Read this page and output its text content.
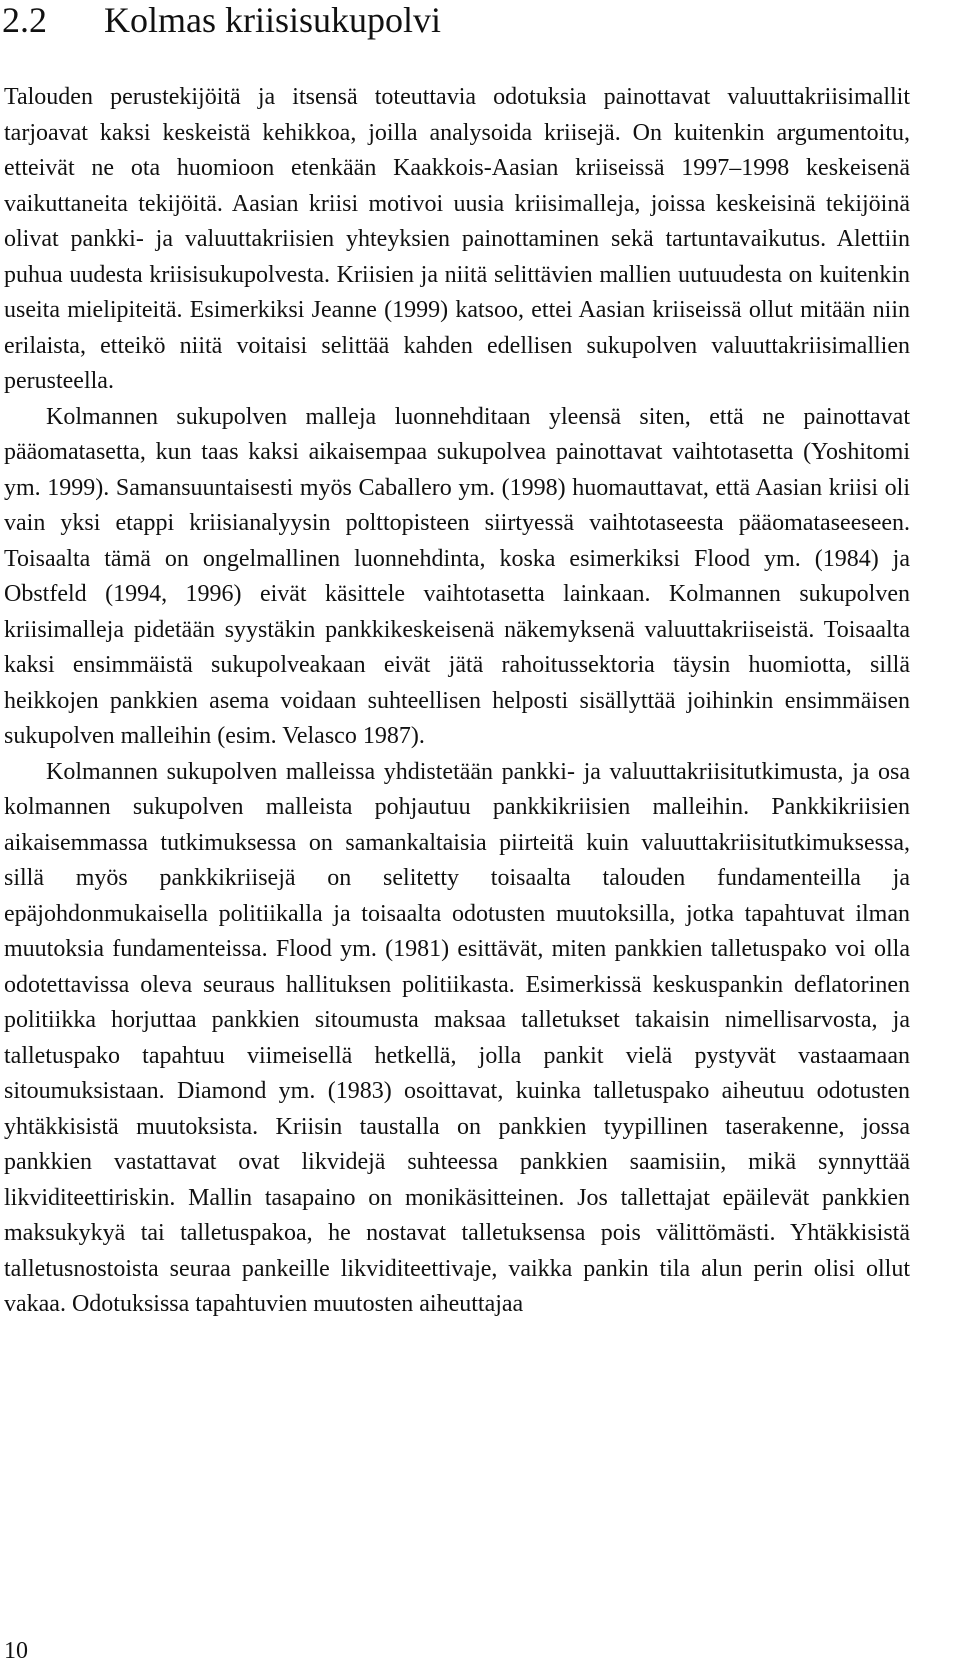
2.2 Kolmas kriisisukupolvi

Talouden perustekijöitä ja itsensä toteuttavia odotuksia painottavat valuuttakriisimallit tarjoavat kaksi keskeistä kehikkoa, joilla analysoida kriisejä. On kuitenkin argumentoitu, etteivät ne ota huomioon etenkään Kaakkois-Aasian kriiseissä 1997–1998 keskeisenä vaikuttaneita tekijöitä. Aasian kriisi motivoi uusia kriisimalleja, joissa keskeisinä tekijöinä olivat pankki- ja valuuttakriisien yhteyksien painottaminen sekä tartuntavaikutus. Alettiin puhua uudesta kriisisukupolvesta. Kriisien ja niitä selittävien mallien uutuudesta on kuitenkin useita mielipiteitä. Esimerkiksi Jeanne (1999) katsoo, ettei Aasian kriiseissä ollut mitään niin erilaista, etteikö niitä voitaisi selittää kahden edellisen sukupolven valuuttakriisimallien perusteella.

Kolmannen sukupolven malleja luonnehditaan yleensä siten, että ne painottavat pääomatasetta, kun taas kaksi aikaisempaa sukupolvea painottavat vaihtotasetta (Yoshitomi ym. 1999). Samansuuntaisesti myös Caballero ym. (1998) huomauttavat, että Aasian kriisi oli vain yksi etappi kriisianalyysin polttopisteen siirtyessä vaihtotaseesta pääomataseeseen. Toisaalta tämä on ongelmallinen luonnehdinta, koska esimerkiksi Flood ym. (1984) ja Obstfeld (1994, 1996) eivät käsittele vaihtotasetta lainkaan. Kolmannen sukupolven kriisimalleja pidetään syystäkin pankkikeskeisenä näkemyksenä valuuttakriiseistä. Toisaalta kaksi ensimmäistä sukupolveakaan eivät jätä rahoitussektoria täysin huomiotta, sillä heikkojen pankkien asema voidaan suhteellisen helposti sisällyttää joihinkin ensimmäisen sukupolven malleihin (esim. Velasco 1987).

Kolmannen sukupolven malleissa yhdistetään pankki- ja valuuttakriisitutkimusta, ja osa kolmannen sukupolven malleista pohjautuu pankkikriisien malleihin. Pankkikriisien aikaisemmassa tutkimuksessa on samankaltaisia piirteitä kuin valuuttakriisitutkimuksessa, sillä myös pankkikriisejä on selitetty toisaalta talouden fundamenteilla ja epäjohdonmukaisella politiikalla ja toisaalta odotusten muutoksilla, jotka tapahtuvat ilman muutoksia fundamenteissa. Flood ym. (1981) esittävät, miten pankkien talletuspako voi olla odotettavissa oleva seuraus hallituksen politiikasta. Esimerkissä keskuspankin deflatorinen politiikka horjuttaa pankkien sitoumusta maksaa talletukset takaisin nimellisarvosta, ja talletuspako tapahtuu viimeisellä hetkellä, jolla pankit vielä pystyvät vastaamaan sitoumuksistaan. Diamond ym. (1983) osoittavat, kuinka talletuspako aiheutuu odotusten yhtäkkisistä muutoksista. Kriisin taustalla on pankkien tyypillinen taserakenne, jossa pankkien vastattavat ovat likvidejä suhteessa pankkien saamisiin, mikä synnyttää likviditeettiriskin. Mallin tasapaino on monikäsitteinen. Jos tallettajat epäilevät pankkien maksukykyä tai talletuspakoa, he nostavat talletuksensa pois välittömästi. Yhtäkkisistä talletusnostoista seuraa pankeille likviditeettivaje, vaikka pankin tila alun perin olisi ollut vakaa. Odotuksissa tapahtuvien muutosten aiheuttajaa

10
